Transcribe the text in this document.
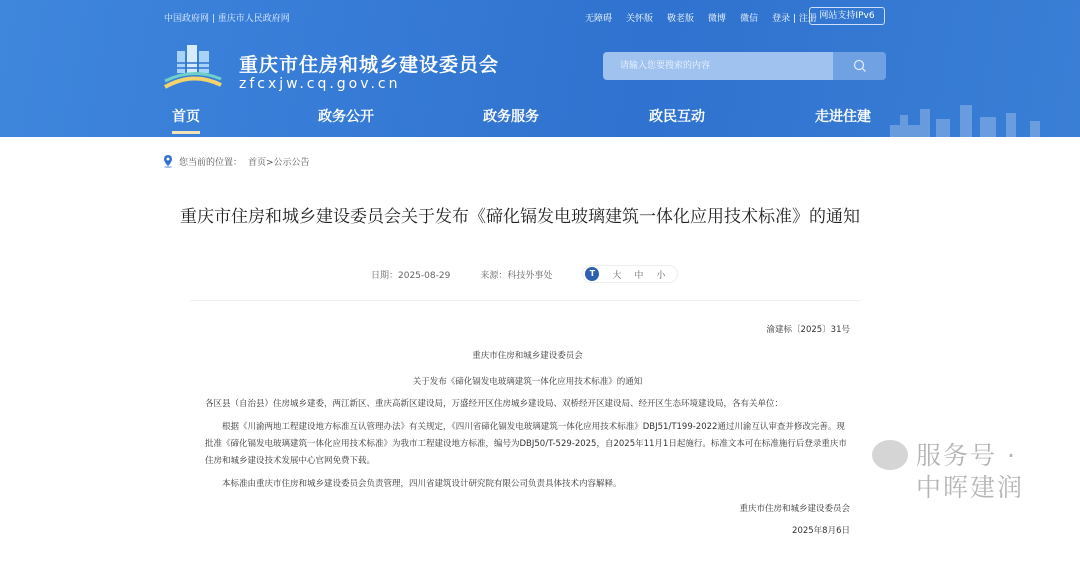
中国政府网 | 重庆市人民政府网	无障碍 关怀版 敬老版 微博 微信 登录 | 注册 网站支持IPv6
重庆市住房和城乡建设委员会
zfcxjw.cq.gov.cn
请输入您要搜索的内容
首页	政务公开	政务服务	政民互动	走进住建
您当前的位置： 首页>公示公告
重庆市住房和城乡建设委员会关于发布《碲化镉发电玻璃建筑一体化应用技术标准》的通知
日期：2025-08-29	来源：科技外事处	T	大 中 小
渝建标〔2025〕31号
重庆市住房和城乡建设委员会
关于发布《碲化镉发电玻璃建筑一体化应用技术标准》的通知
各区县（自治县）住房城乡建委，两江新区、重庆高新区建设局，万盛经开区住房城乡建设局、双桥经开区建设局、经开区生态环境建设局，各有关单位：
根据《川渝两地工程建设地方标准互认管理办法》有关规定，《四川省碲化镉发电玻璃建筑一体化应用技术标准》DBJ51/T199-2022通过川渝互认审查并修改完善。现批准《碲化镉发电玻璃建筑一体化应用技术标准》为我市工程建设地方标准，编号为DBJ50/T-529-2025，自2025年11月1日起施行。标准文本可在标准施行后登录重庆市住房和城乡建设技术发展中心官网免费下载。
本标准由重庆市住房和城乡建设委员会负责管理，四川省建筑设计研究院有限公司负责具体技术内容解释。
重庆市住房和城乡建设委员会
2025年8月6日
服务号 · 中晖建润
